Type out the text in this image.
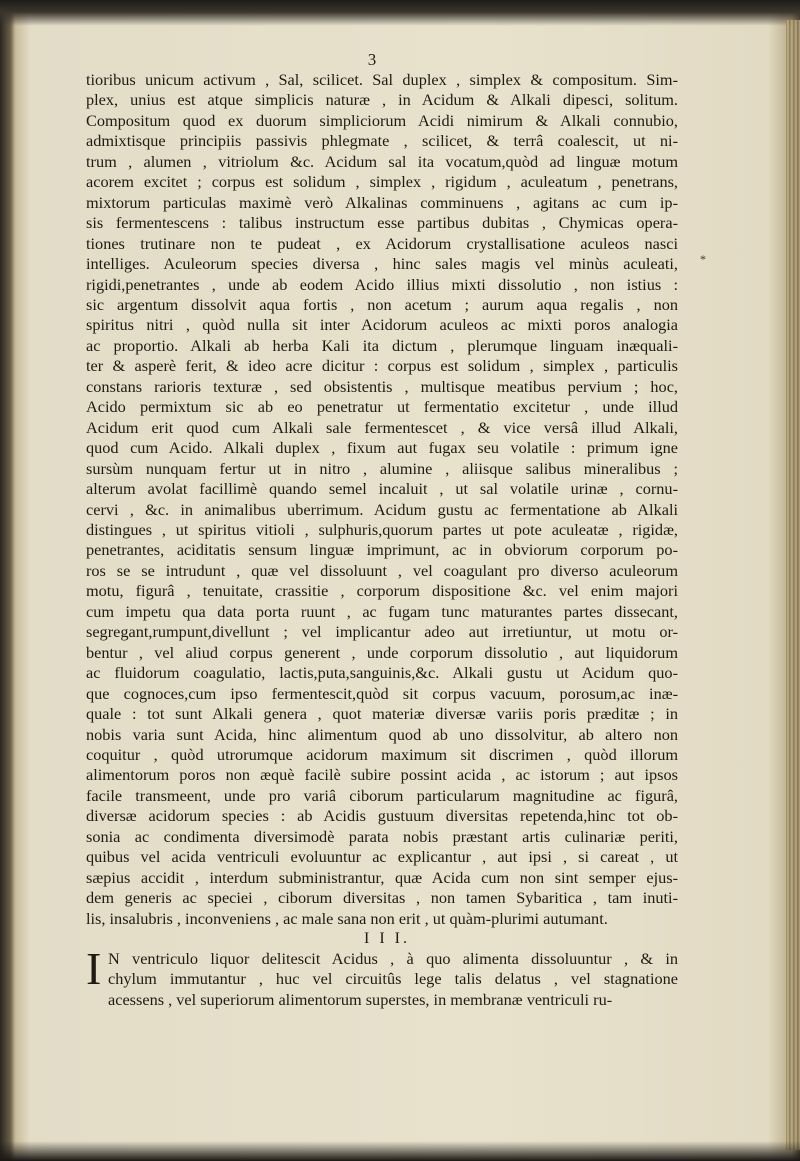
3
*
tioribus unicum activum , Sal, scilicet. Sal duplex , simplex & compositum. Sim-
plex, unius est atque simplicis naturæ , in Acidum & Alkali dipesci, solitum.
Compositum quod ex duorum simpliciorum Acidi nimirum & Alkali connubio,
admixtisque principiis passivis phlegmate , scilicet, & terrâ coalescit, ut ni-
trum , alumen , vitriolum &c. Acidum sal ita vocatum,quòd ad linguæ motum
acorem excitet ; corpus est solidum , simplex , rigidum , aculeatum , penetrans,
mixtorum particulas maximè verò Alkalinas comminuens , agitans ac cum ip-
sis fermentescens : talibus instructum esse partibus dubitas , Chymicas opera-
tiones trutinare non te pudeat , ex Acidorum crystallisatione aculeos nasci
intelliges. Aculeorum species diversa , hinc sales magis vel minùs aculeati,
rigidi,penetrantes , unde ab eodem Acido illius mixti dissolutio , non istius :
sic argentum dissolvit aqua fortis , non acetum ; aurum aqua regalis , non
spiritus nitri , quòd nulla sit inter Acidorum aculeos ac mixti poros analogia
ac proportio. Alkali ab herba Kali ita dictum , plerumque linguam inæquali-
ter & asperè ferit, & ideo acre dicitur : corpus est solidum , simplex , particulis
constans rarioris texturæ , sed obsistentis , multisque meatibus pervium ; hoc,
Acido permixtum sic ab eo penetratur ut fermentatio excitetur , unde illud
Acidum erit quod cum Alkali sale fermentescet , & vice versâ illud Alkali,
quod cum Acido. Alkali duplex , fixum aut fugax seu volatile : primum igne
sursùm nunquam fertur ut in nitro , alumine , aliisque salibus mineralibus ;
alterum avolat facillimè quando semel incaluit , ut sal volatile urinæ , cornu-
cervi , &c. in animalibus uberrimum. Acidum gustu ac fermentatione ab Alkali
distingues , ut spiritus vitioli , sulphuris,quorum partes ut pote aculeatæ , rigidæ,
penetrantes, aciditatis sensum linguæ imprimunt, ac in obviorum corporum po-
ros se se intrudunt , quæ vel dissoluunt , vel coagulant pro diverso aculeorum
motu, figurâ , tenuitate, crassitie , corporum dispositione &c. vel enim majori
cum impetu qua data porta ruunt , ac fugam tunc maturantes partes dissecant,
segregant,rumpunt,divellunt ; vel implicantur adeo aut irretiuntur, ut motu or-
bentur , vel aliud corpus generent , unde corporum dissolutio , aut liquidorum
ac fluidorum coagulatio, lactis,puta,sanguinis,&c. Alkali gustu ut Acidum quo-
que cognoces,cum ipso fermentescit,quòd sit corpus vacuum, porosum,ac inæ-
quale : tot sunt Alkali genera , quot materiæ diversæ variis poris præditæ ; in
nobis varia sunt Acida, hinc alimentum quod ab uno dissolvitur, ab altero non
coquitur , quòd utrorumque acidorum maximum sit discrimen , quòd illorum
alimentorum poros non æquè facilè subire possint acida , ac istorum ; aut ipsos
facile transmeent, unde pro variâ ciborum particularum magnitudine ac figurâ,
diversæ acidorum species : ab Acidis gustuum diversitas repetenda,hinc tot ob-
sonia ac condimenta diversimodè parata nobis præstant artis culinariæ periti,
quibus vel acida ventriculi evoluuntur ac explicantur , aut ipsi , si careat , ut
sæpius accidit , interdum subministrantur, quæ Acida cum non sint semper ejus-
dem generis ac speciei , ciborum diversitas , non tamen Sybaritica , tam inuti-
lis, insalubris , inconveniens , ac male sana non erit , ut quàm-plurimi autumant.
I I I.
I N ventriculo liquor delitescit Acidus , à quo alimenta dissoluuntur , & in
chylum immutantur , huc vel circuitûs lege talis delatus , vel stagnatione
acessens , vel superiorum alimentorum superstes, in membranæ ventriculi ru-
